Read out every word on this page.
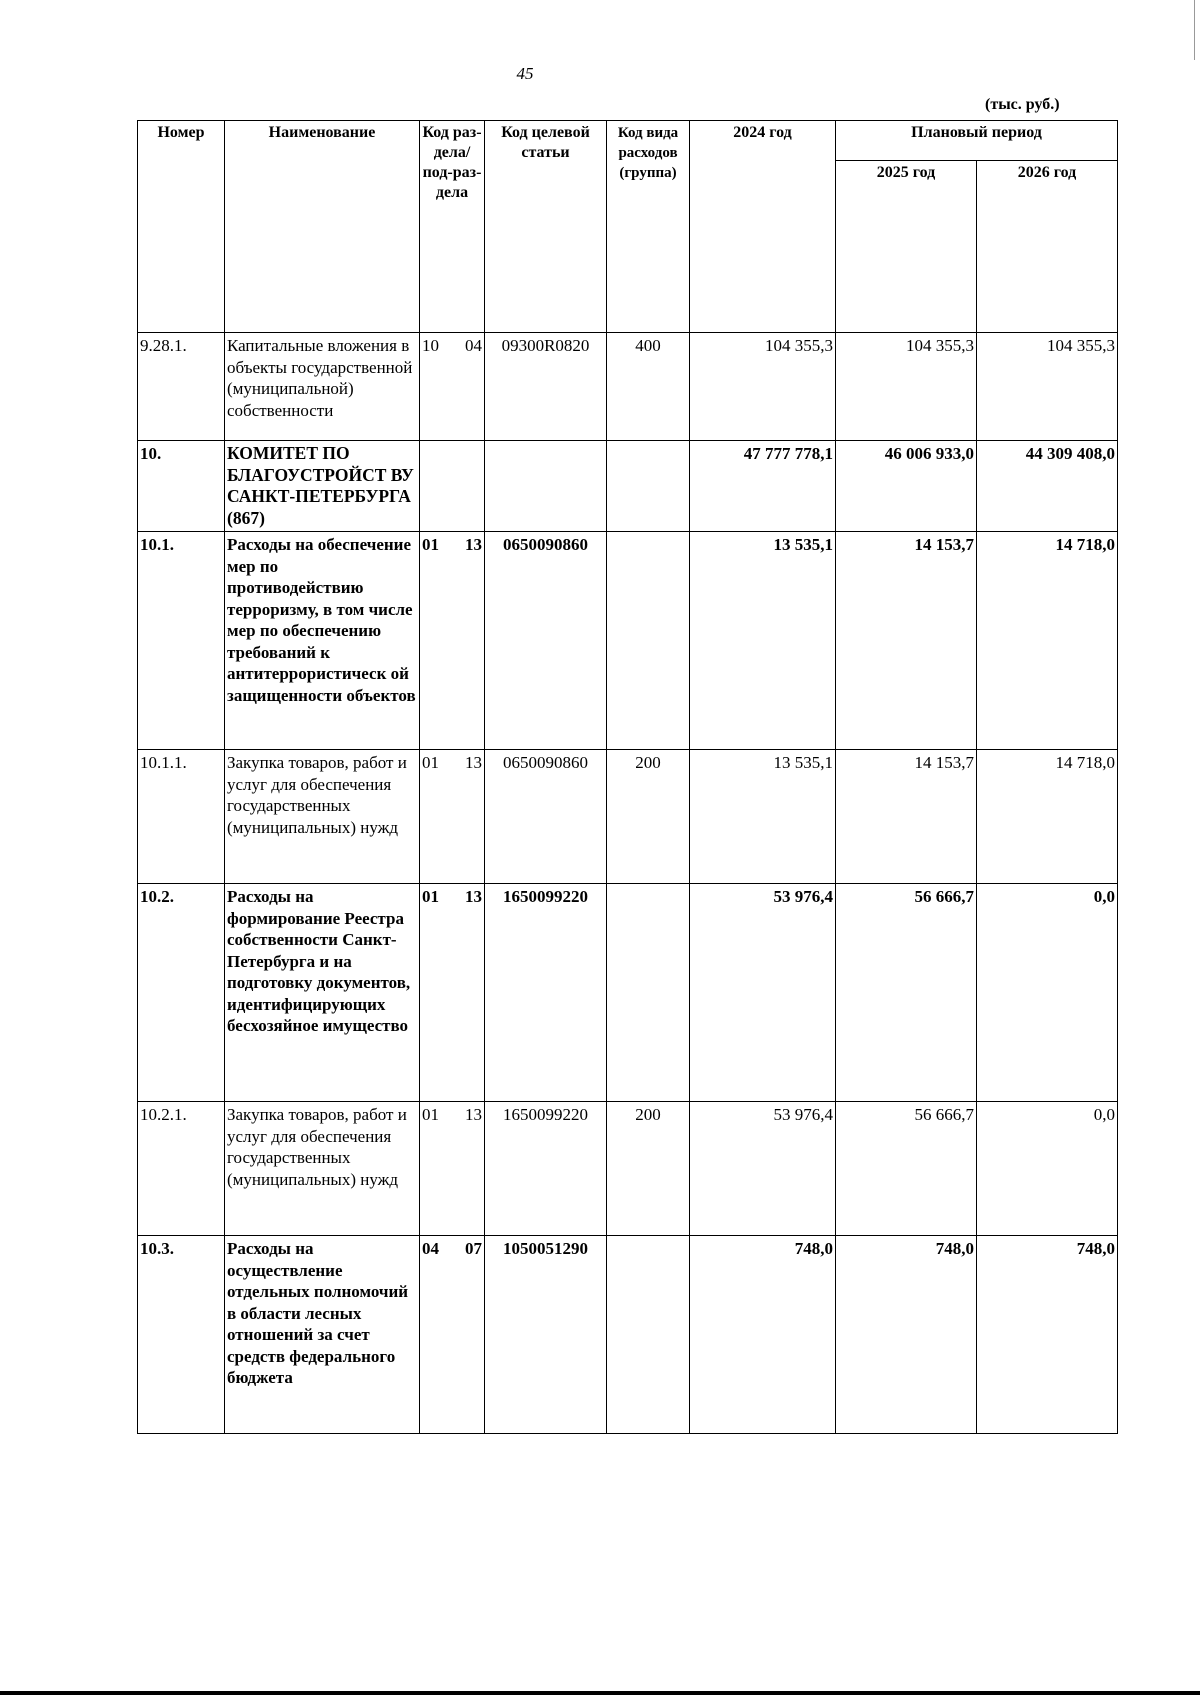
45
(тыс. руб.)
Номер	Наименование	Код раз-дела/ под-раз-дела	Код целевой статьи	Код вида расходов (группа)	2024 год	Плановый период	
						2025 год	2026 год
9.28.1.	Капитальные вложения в объекты государственной (муниципальной) собственности	10 04	09300R0820	400	104 355,3	104 355,3	104 355,3
10.	КОМИТЕТ ПО БЛАГОУСТРОЙСТ ВУ САНКТ-ПЕТЕРБУРГА (867)				47 777 778,1	46 006 933,0	44 309 408,0
10.1.	Расходы на обеспечение мер по противодействию терроризму, в том числе мер по обеспечению требований к антитеррористическ ой защищенности объектов	01 13	0650090860		13 535,1	14 153,7	14 718,0
10.1.1.	Закупка товаров, работ и услуг для обеспечения государственных (муниципальных) нужд	01 13	0650090860	200	13 535,1	14 153,7	14 718,0
10.2.	Расходы на формирование Реестра собственности Санкт-Петербурга и на подготовку документов, идентифицирующих бесхозяйное имущество	01 13	1650099220		53 976,4	56 666,7	0,0
10.2.1.	Закупка товаров, работ и услуг для обеспечения государственных (муниципальных) нужд	01 13	1650099220	200	53 976,4	56 666,7	0,0
10.3.	Расходы на осуществление отдельных полномочий в области лесных отношений за счет средств федерального бюджета	04 07	1050051290		748,0	748,0	748,0
